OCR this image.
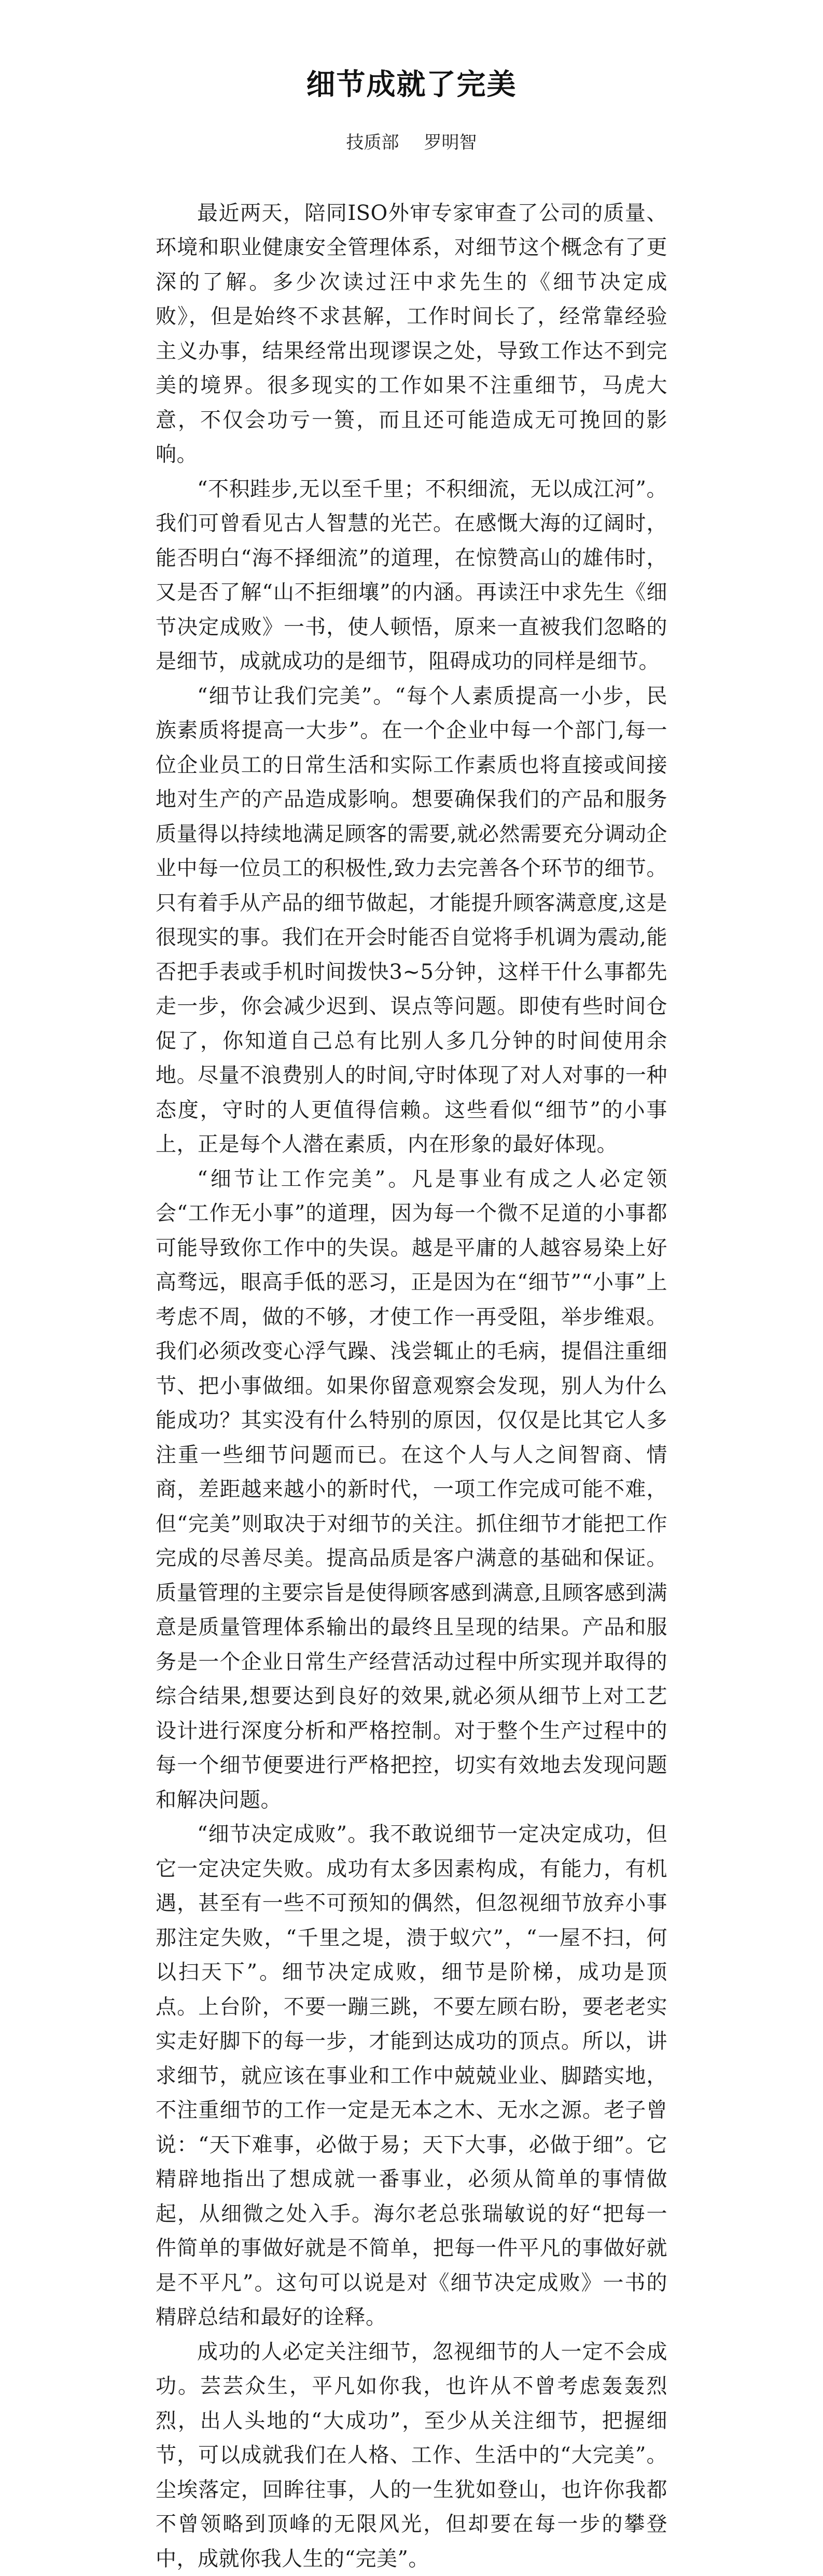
细节成就了完美
技质部 罗明智

最近两天，陪同ISO外审专家审查了公司的质量、环境和职业健康安全管理体系，对细节这个概念有了更深的了解。多少次读过汪中求先生的《细节决定成败》，但是始终不求甚解，工作时间长了，经常靠经验主义办事，结果经常出现谬误之处，导致工作达不到完美的境界。很多现实的工作如果不注重细节，马虎大意，不仅会功亏一篑，而且还可能造成无可挽回的影响。

“不积跬步,无以至千里；不积细流，无以成江河”。我们可曾看见古人智慧的光芒。在感慨大海的辽阔时，能否明白“海不择细流”的道理，在惊赞高山的雄伟时，又是否了解“山不拒细壤”的内涵。再读汪中求先生《细节决定成败》一书，使人顿悟，原来一直被我们忽略的是细节，成就成功的是细节，阻碍成功的同样是细节。

“细节让我们完美”。“每个人素质提高一小步，民族素质将提高一大步”。在一个企业中每一个部门,每一位企业员工的日常生活和实际工作素质也将直接或间接地对生产的产品造成影响。想要确保我们的产品和服务质量得以持续地满足顾客的需要,就必然需要充分调动企业中每一位员工的积极性,致力去完善各个环节的细节。只有着手从产品的细节做起，才能提升顾客满意度,这是很现实的事。我们在开会时能否自觉将手机调为震动,能否把手表或手机时间拨快3~5分钟，这样干什么事都先走一步，你会减少迟到、误点等问题。即使有些时间仓促了，你知道自己总有比别人多几分钟的时间使用余地。尽量不浪费别人的时间,守时体现了对人对事的一种态度，守时的人更值得信赖。这些看似“细节”的小事上，正是每个人潜在素质，内在形象的最好体现。

“细节让工作完美”。凡是事业有成之人必定领会“工作无小事”的道理，因为每一个微不足道的小事都可能导致你工作中的失误。越是平庸的人越容易染上好高骛远，眼高手低的恶习，正是因为在“细节”“小事”上考虑不周，做的不够，才使工作一再受阻，举步维艰。我们必须改变心浮气躁、浅尝辄止的毛病，提倡注重细节、把小事做细。如果你留意观察会发现，别人为什么能成功？其实没有什么特别的原因，仅仅是比其它人多注重一些细节问题而已。在这个人与人之间智商、情商，差距越来越小的新时代，一项工作完成可能不难，但“完美”则取决于对细节的关注。抓住细节才能把工作完成的尽善尽美。提高品质是客户满意的基础和保证。质量管理的主要宗旨是使得顾客感到满意,且顾客感到满意是质量管理体系输出的最终且呈现的结果。产品和服务是一个企业日常生产经营活动过程中所实现并取得的综合结果,想要达到良好的效果,就必须从细节上对工艺设计进行深度分析和严格控制。对于整个生产过程中的每一个细节便要进行严格把控，切实有效地去发现问题和解决问题。

“细节决定成败”。我不敢说细节一定决定成功，但它一定决定失败。成功有太多因素构成，有能力，有机遇，甚至有一些不可预知的偶然，但忽视细节放弃小事那注定失败，“千里之堤，溃于蚁穴”，“一屋不扫，何以扫天下”。细节决定成败，细节是阶梯，成功是顶点。上台阶，不要一蹦三跳，不要左顾右盼，要老老实实走好脚下的每一步，才能到达成功的顶点。所以，讲求细节，就应该在事业和工作中兢兢业业、脚踏实地，不注重细节的工作一定是无本之木、无水之源。老子曾说：“天下难事，必做于易；天下大事，必做于细”。它精辟地指出了想成就一番事业，必须从简单的事情做起，从细微之处入手。海尔老总张瑞敏说的好“把每一件简单的事做好就是不简单，把每一件平凡的事做好就是不平凡”。这句可以说是对《细节决定成败》一书的精辟总结和最好的诠释。

成功的人必定关注细节，忽视细节的人一定不会成功。芸芸众生，平凡如你我，也许从不曾考虑轰轰烈烈，出人头地的“大成功”，至少从关注细节，把握细节，可以成就我们在人格、工作、生活中的“大完美”。尘埃落定，回眸往事，人的一生犹如登山，也许你我都不曾领略到顶峰的无限风光，但却要在每一步的攀登中，成就你我人生的“完美”。
